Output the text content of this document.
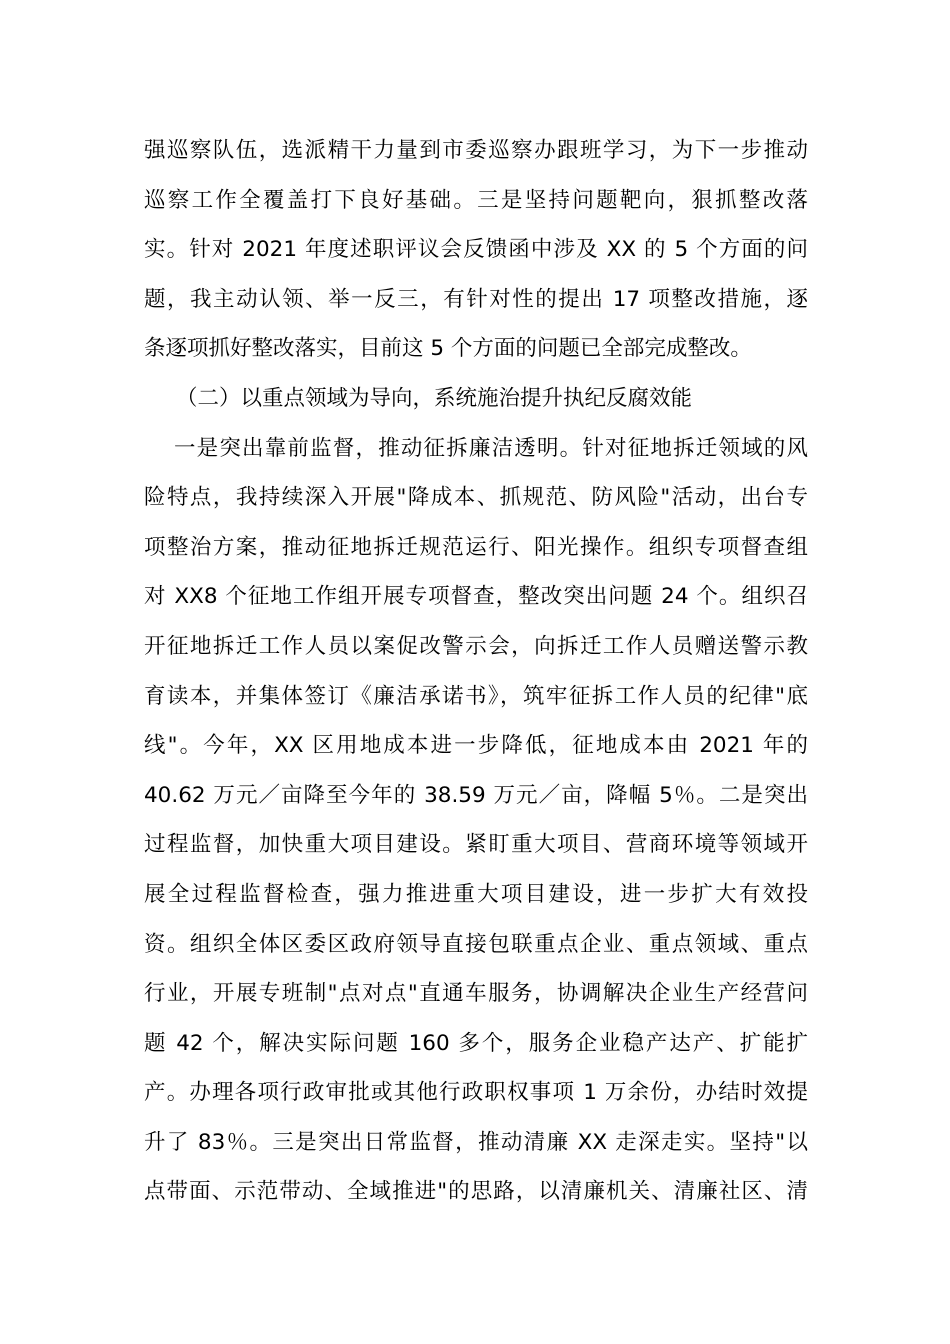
强巡察队伍，选派精干力量到市委巡察办跟班学习，为下一步推动
巡察工作全覆盖打下良好基础。三是坚持问题靶向，狠抓整改落
实。针对 2021 年度述职评议会反馈函中涉及 XX 的 5 个方面的问
题，我主动认领、举一反三，有针对性的提出 17 项整改措施，逐
条逐项抓好整改落实，目前这 5 个方面的问题已全部完成整改。
（二）以重点领域为导向，系统施治提升执纪反腐效能
一是突出靠前监督，推动征拆廉洁透明。针对征地拆迁领域的风
险特点，我持续深入开展"降成本、抓规范、防风险"活动，出台专
项整治方案，推动征地拆迁规范运行、阳光操作。组织专项督查组
对 XX8 个征地工作组开展专项督查，整改突出问题 24 个。组织召
开征地拆迁工作人员以案促改警示会，向拆迁工作人员赠送警示教
育读本，并集体签订《廉洁承诺书》，筑牢征拆工作人员的纪律"底
线"。今年，XX 区用地成本进一步降低，征地成本由 2021 年的
40.62 万元／亩降至今年的 38.59 万元／亩，降幅 5％。二是突出
过程监督，加快重大项目建设。紧盯重大项目、营商环境等领域开
展全过程监督检查，强力推进重大项目建设，进一步扩大有效投
资。组织全体区委区政府领导直接包联重点企业、重点领域、重点
行业，开展专班制"点对点"直通车服务，协调解决企业生产经营问
题 42 个，解决实际问题 160 多个，服务企业稳产达产、扩能扩
产。办理各项行政审批或其他行政职权事项 1 万余份，办结时效提
升了 83％。三是突出日常监督，推动清廉 XX 走深走实。坚持"以
点带面、示范带动、全域推进"的思路，以清廉机关、清廉社区、清
